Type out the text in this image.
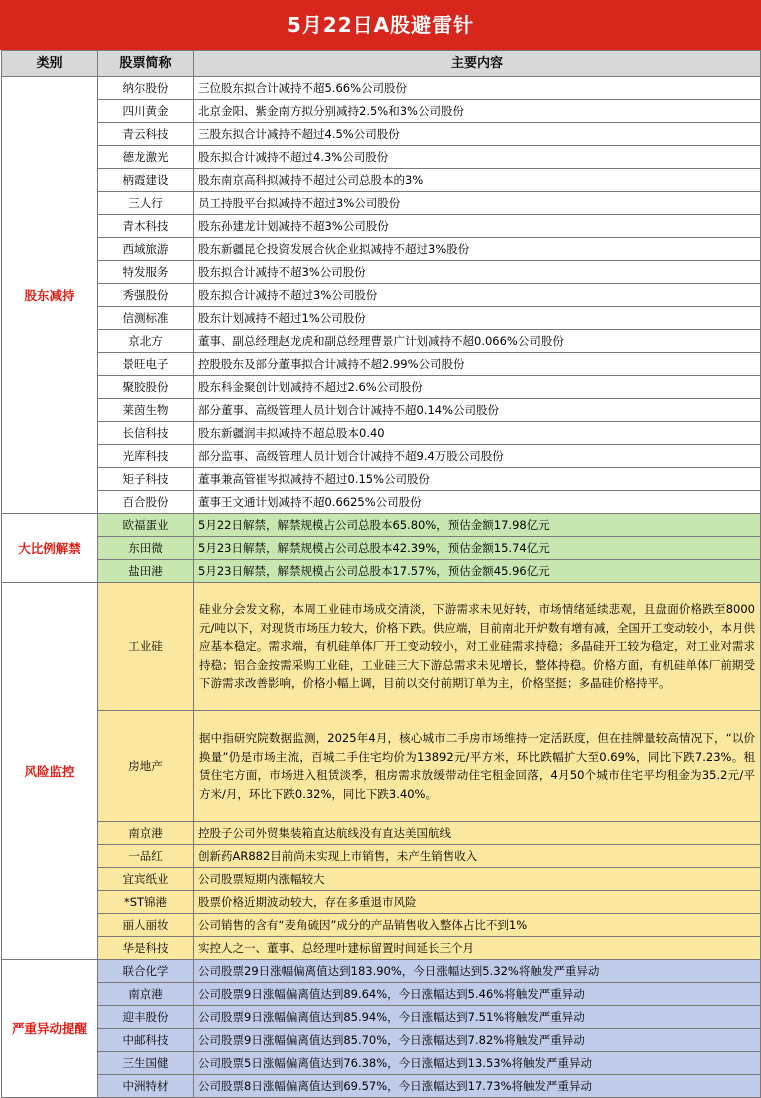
5月22日A股避雷针
类别	股票简称	主要内容
股东减持	纳尔股份	三位股东拟合计减持不超5.66%公司股份
	四川黄金	北京金阳、紫金南方拟分别减持2.5%和3%公司股份
	青云科技	三股东拟合计减持不超过4.5%公司股份
	德龙激光	股东拟合计减持不超过4.3%公司股份
	柄霞建设	股东南京高科拟减持不超过公司总股本的3%
	三人行	员工持股平台拟减持不超过3%公司股份
	青木科技	股东孙建龙计划减持不超3%公司股份
	西域旅游	股东新疆昆仑投资发展合伙企业拟减持不超过3%股份
	特发服务	股东拟合计减持不超3%公司股份
	秀强股份	股东拟合计减持不超过3%公司股份
	信测标准	股东计划减持不超过1%公司股份
	京北方	董事、副总经理赵龙虎和副总经理曹景广计划减持不超0.066%公司股份
	景旺电子	控股股东及部分董事拟合计减持不超2.99%公司股份
	聚胶股份	股东科金聚创计划减持不超过2.6%公司股份
	莱茵生物	部分董事、高级管理人员计划合计减持不超0.14%公司股份
	长信科技	股东新疆润丰拟减持不超总股本0.40
	光库科技	部分监事、高级管理人员计划合计减持不超9.4万股公司股份
	矩子科技	董事兼高管崔岑拟减持不超过0.15%公司股份
	百合股份	董事王文通计划减持不超0.6625%公司股份
大比例解禁	欧福蛋业	5月22日解禁，解禁规模占公司总股本65.80%，预估金额17.98亿元
	东田微	5月23日解禁，解禁规模占公司总股本42.39%，预估金额15.74亿元
	盐田港	5月23日解禁，解禁规模占公司总股本17.57%，预估金额45.96亿元
风险监控	工业硅	硅业分会发文称，本周工业硅市场成交清淡，下游需求未见好转，市场情绪延续悲观，且盘面价格跌至8000元/吨以下，对现货市场压力较大，价格下跌。供应端，目前南北开炉数有增有减，全国开工变动较小，本月供应基本稳定。需求端，有机硅单体厂开工变动较小，对工业硅需求持稳；多晶硅开工较为稳定，对工业对需求持稳；铝合金按需采购工业硅，工业硅三大下游总需求未见增长，整体持稳。价格方面，有机硅单体厂前期受下游需求改善影响，价格小幅上调，目前以交付前期订单为主，价格坚挺；多晶硅价格持平。
	房地产	据中指研究院数据监测，2025年4月，核心城市二手房市场维持一定活跃度，但在挂牌量较高情况下，“以价换量”仍是市场主流，百城二手住宅均价为13892元/平方米，环比跌幅扩大至0.69%，同比下跌7.23%。租赁住宅方面，市场进入租赁淡季，租房需求放缓带动住宅租金回落，4月50个城市住宅平均租金为35.2元/平方米/月，环比下跌0.32%，同比下跌3.40%。
	南京港	控股子公司外贸集装箱直达航线没有直达美国航线
	一品红	创新药AR882目前尚未实现上市销售，未产生销售收入
	宜宾纸业	公司股票短期内涨幅较大
	*ST锦港	股票价格近期波动较大，存在多重退市风险
	丽人丽妆	公司销售的含有“麦角硫因”成分的产品销售收入整体占比不到1%
	华是科技	实控人之一、董事、总经理叶建标留置时间延长三个月
严重异动提醒	联合化学	公司股票29日涨幅偏离值达到183.90%，今日涨幅达到5.32%将触发严重异动
	南京港	公司股票9日涨幅偏离值达到89.64%，今日涨幅达到5.46%将触发严重异动
	迎丰股份	公司股票9日涨幅偏离值达到85.94%，今日涨幅达到7.51%将触发严重异动
	中邮科技	公司股票9日涨幅偏离值达到85.70%，今日涨幅达到7.82%将触发严重异动
	三生国健	公司股票5日涨幅偏离值达到76.38%，今日涨幅达到13.53%将触发严重异动
	中洲特材	公司股票8日涨幅偏离值达到69.57%，今日涨幅达到17.73%将触发严重异动
